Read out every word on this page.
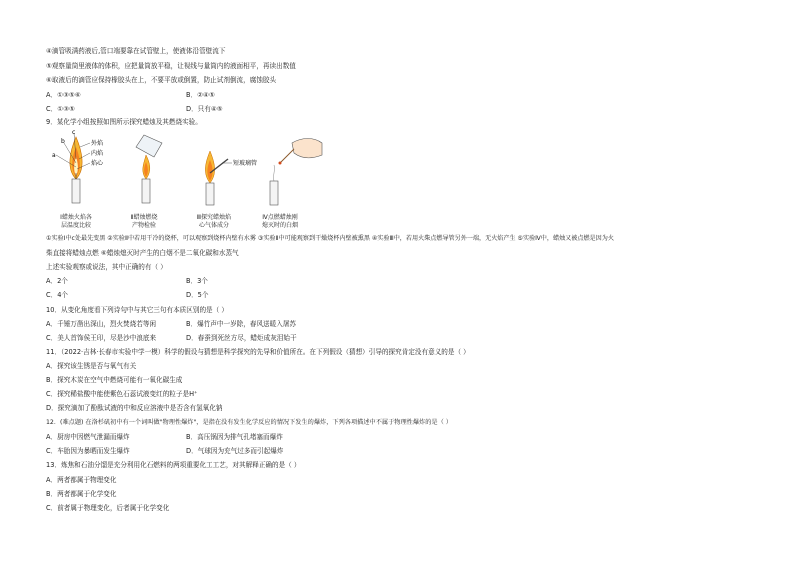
④滴管吸满药液后,管口端要靠在试管壁上，使液体沿管壁流下
⑤观察量筒里液体的体积，应把量筒放平稳，让视线与量筒内的液面相平，再读出数值
⑥取液后的滴管应保持橡胶头在上，不要平放或倒置，防止试剂倒流，腐蚀胶头
A．①③⑤⑥	B．②④⑤
C．①③⑤	D．只有④⑤
9．某化学小组按照如图所示探究蜡烛及其燃烧实验。
a
b
c
外焰
内焰
焰心
Ⅰ蜡烛火焰各
层温度比较
Ⅱ蜡烛燃烧
产物检验
短玻璃管
Ⅲ探究蜡烛焰
心气体成分
Ⅳ点燃蜡烛刚
熄灭时的白烟
①实验Ⅰ中c处最先变黑 ②实验Ⅱ中若用干冷的烧杯，可以观察到烧杯内壁有水雾 ③实验Ⅱ中可能观察到干燥烧杯内壁被熏黑 ④实验Ⅲ中，若用火柴点燃导管另外一端，无火焰产生 ⑤实验Ⅳ中，蜡烛又被点燃是因为火
柴直接将蜡烛点燃 ⑥蜡烛熄灭时产生的白烟不是二氧化碳和水蒸气
上述实验观察或说法，其中正确的有（ ）
A．2个	B．3个
C．4个	D．5个
10．从变化角度看下列诗句中与其它三句有本质区别的是（ ）
A．千锤万凿出深山，烈火焚烧若等闲	B．爆竹声中一岁除，春风送暖入屠苏
C．美人首饰侯王印，尽是沙中浪底来	D．春蚕到死丝方尽，蜡炬成灰泪始干
11．（2022·吉林·长春市实验中学一模）科学的假设与猜想是科学探究的先导和价值所在。在下列假设（猜想）引导的探究肯定没有意义的是（ ）
A．探究该生锈是否与氧气有关
B．探究木炭在空气中燃烧可能有一氧化碳生成
C．探究稀盐酸中能使紫色石蕊试液变红的粒子是H⁺
D．探究滴加了酚酞试液的中和反应溶液中是否含有氢氧化钠
12．(难点题) 在洛杉矶初中有一个词叫做"物理性爆炸"，是指在没有发生化学反应的情况下发生的爆炸，下列各项描述中不属于物理性爆炸的是（ ）
A．厨房中因燃气泄漏而爆炸	B．高压锅因为排气孔堵塞而爆炸
C．车胎因为暴晒而发生爆炸	D．气球因为充气过多而引起爆炸
13．炼焦和石油分馏是充分利用化石燃料的两项重要化工工艺，对其解释正确的是（ ）
A．两者都属于物理变化
B．两者都属于化学变化
C．前者属于物理变化，后者属于化学变化
